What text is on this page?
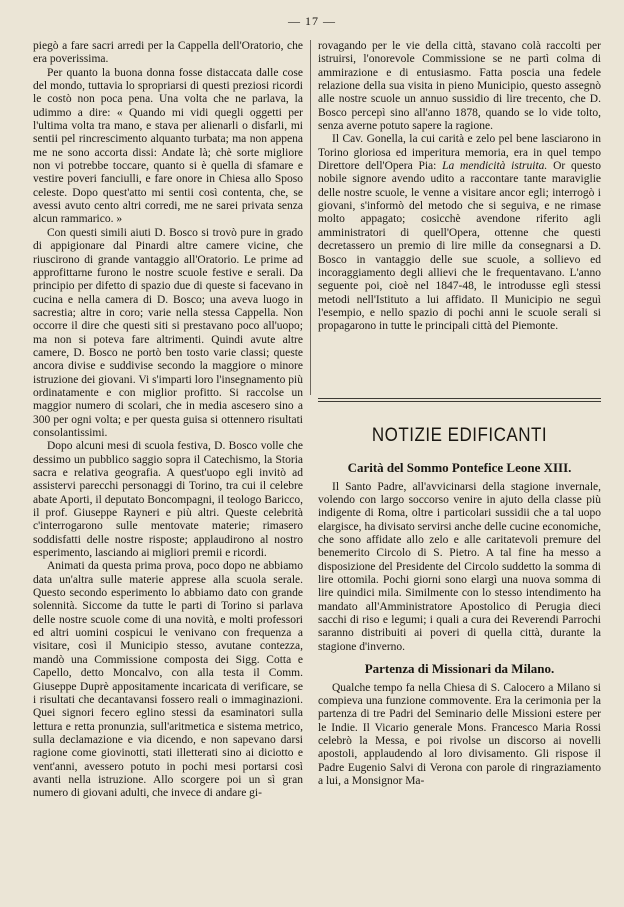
— 17 —

piegò a fare sacri arredi per la Cappella dell'Oratorio, che era poverissima.

Per quanto la buona donna fosse distaccata dalle cose del mondo, tuttavia lo spropriarsi di questi preziosi ricordi le costò non poca pena. Una volta che ne parlava, la udimmo a dire: « Quando mi vidi quegli oggetti per l'ultima volta tra mano, e stava per alienarli o disfarli, mi sentii pel rincrescimento alquanto turbata; ma non appena me ne sono accorta dissi: Andate là; chè sorte migliore non vi potrebbe toccare, quanto si è quella di sfamare e vestire poveri fanciulli, e fare onore in Chiesa allo Sposo celeste. Dopo quest'atto mi sentii così contenta, che, se avessi avuto cento altri corredi, me ne sarei privata senza alcun rammarico. »

Con questi simili aiuti D. Bosco si trovò pure in grado di appigionare dal Pinardi altre camere vicine, che riuscirono di grande vantaggio all'Oratorio. Le prime ad approfittarne furono le nostre scuole festive e serali. Da principio per difetto di spazio due di queste si facevano in cucina e nella camera di D. Bosco; una aveva luogo in sacrestia; altre in coro; varie nella stessa Cappella. Non occorre il dire che questi siti si prestavano poco all'uopo; ma non si poteva fare altrimenti. Quindi avute altre camere, D. Bosco ne portò ben tosto varie classi; queste ancora divise e suddivise secondo la maggiore o minore istruzione dei giovani. Vi s'imparti loro l'insegnamento più ordinatamente e con miglior profitto. Si raccolse un maggior numero di scolari, che in media ascesero sino a 300 per ogni volta; e per questa guisa si ottennero risultati consolantissimi.

Dopo alcuni mesi di scuola festiva, D. Bosco volle che dessimo un pubblico saggio sopra il Catechismo, la Storia sacra e relativa geografia. A quest'uopo egli invitò ad assistervi parecchi personaggi di Torino, tra cui il celebre abate Aporti, il deputato Boncompagni, il teologo Baricco, il prof. Giuseppe Rayneri e più altri. Queste celebrità c'interrogarono sulle mentovate materie; rimasero soddisfatti delle nostre risposte; applaudirono al nostro esperimento, lasciando ai migliori premii e ricordi.

Animati da questa prima prova, poco dopo ne abbiamo data un'altra sulle materie apprese alla scuola serale. Questo secondo esperimento lo abbiamo dato con grande solennità. Siccome da tutte le parti di Torino si parlava delle nostre scuole come di una novità, e molti professori ed altri uomini cospicui le venivano con frequenza a visitare, così il Municipio stesso, avutane contezza, mandò una Commissione composta dei Sigg. Cotta e Capello, detto Moncalvo, con alla testa il Comm. Giuseppe Duprè appositamente incaricata di verificare, se i risultati che decantavansi fossero reali o immaginazioni. Quei signori fecero eglino stessi da esaminatori sulla lettura e retta pronunzia, sull'aritmetica e sistema metrico, sulla declamazione e via dicendo, e non sapevano darsi ragione come giovinotti, stati illetterati sino ai diciotto e vent'anni, avessero potuto in pochi mesi portarsi così avanti nella istruzione. Allo scorgere poi un sì gran numero di giovani adulti, che invece di andare gi-

rovagando per le vie della città, stavano colà raccolti per istruirsi, l'onorevole Commissione se ne partì colma di ammirazione e di entusiasmo. Fatta poscia una fedele relazione della sua visita in pieno Municipio, questo assegnò alle nostre scuole un annuo sussidio di lire trecento, che D. Bosco percepì sino all'anno 1878, quando se lo vide tolto, senza averne potuto sapere la ragione.

Il Cav. Gonella, la cui carità e zelo pel bene lasciarono in Torino gloriosa ed imperitura memoria, era in quel tempo Direttore dell'Opera Pia: La mendicità istruita. Or questo nobile signore avendo udito a raccontare tante maraviglie delle nostre scuole, le venne a visitare ancor egli; interrogò i giovani, s'informò del metodo che si seguiva, e ne rimase molto appagato; cosicchè avendone riferito agli amministratori di quell'Opera, ottenne che questi decretassero un premio di lire mille da consegnarsi a D. Bosco in vantaggio delle sue scuole, a sollievo ed incoraggiamento degli allievi che le frequentavano. L'anno seguente poi, cioè nel 1847-48, le introdusse eglì stessi metodi nell'Istituto a lui affidato. Il Municipio ne seguì l'esempio, e nello spazio di pochi anni le scuole serali si propagarono in tutte le principali città del Piemonte.

NOTIZIE EDIFICANTI
Carità del Sommo Pontefice Leone XIII.

Il Santo Padre, all'avvicinarsi della stagione invernale, volendo con largo soccorso venire in ajuto della classe più indigente di Roma, oltre i particolari sussidii che a tal uopo elargisce, ha divisato servirsi anche delle cucine economiche, che sono affidate allo zelo e alle caritatevoli premure del benemerito Circolo di S. Pietro. A tal fine ha messo a disposizione del Presidente del Circolo suddetto la somma di lire ottomila. Pochi giorni sono elargì una nuova somma di lire quindici mila. Similmente con lo stesso intendimento ha mandato all'Amministratore Apostolico di Perugia dieci sacchi di riso e legumi; i quali a cura dei Reverendi Parrochi saranno distribuiti ai poveri di quella città, durante la stagione d'inverno.

Partenza di Missionari da Milano.

Qualche tempo fa nella Chiesa di S. Calocero a Milano si compieva una funzione commovente. Era la cerimonia per la partenza di tre Padri del Seminario delle Missioni estere per le Indie. Il Vicario generale Mons. Francesco Maria Rossi celebrò la Messa, e poi rivolse un discorso ai novelli apostoli, applaudendo al loro divisamento. Gli rispose il Padre Eugenio Salvi di Verona con parole di ringraziamento a lui, a Monsignor Ma-
